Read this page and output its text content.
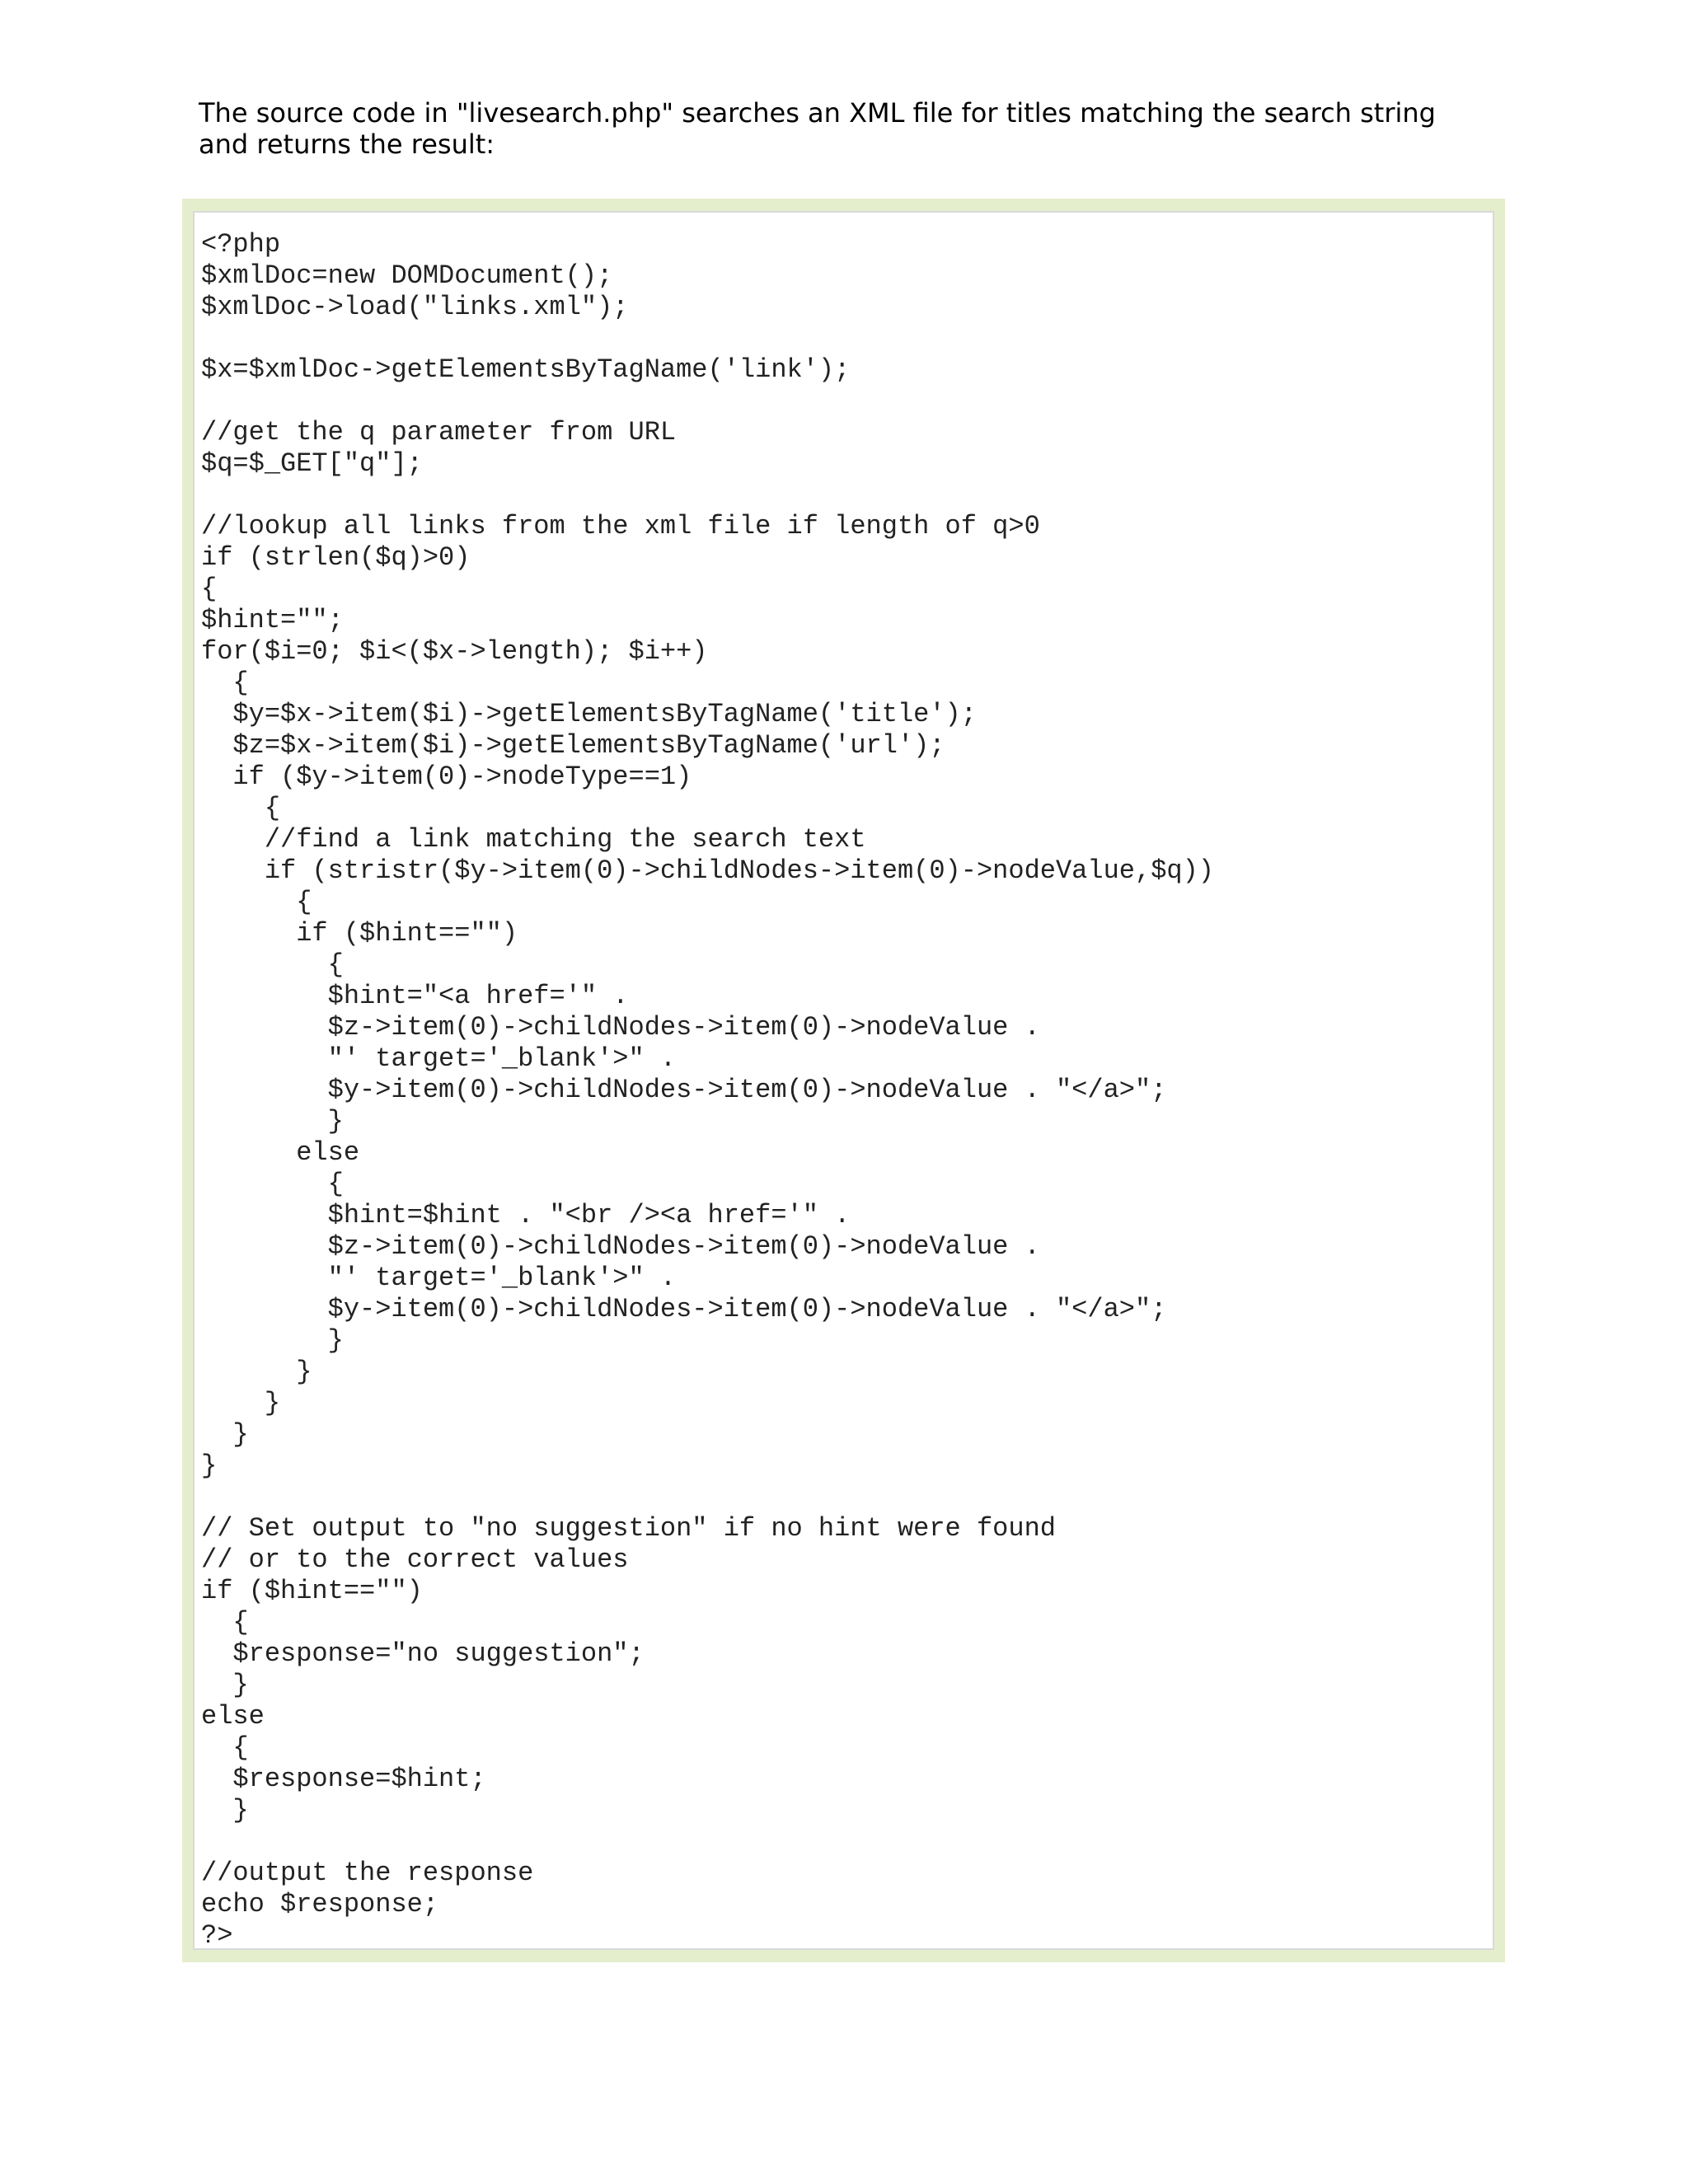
The source code in "livesearch.php" searches an XML file for titles matching the search string and returns the result:

<?php
$xmlDoc=new DOMDocument();
$xmlDoc->load("links.xml");
$x=$xmlDoc->getElementsByTagName('link');
//get the q parameter from URL
$q=$_GET["q"];
//lookup all links from the xml file if length of q>0
if (strlen($q)>0)
{
$hint="";
for($i=0; $i<($x->length); $i++)
{
$y=$x->item($i)->getElementsByTagName('title');
$z=$x->item($i)->getElementsByTagName('url');
if ($y->item(0)->nodeType==1)
{
//find a link matching the search text
if (stristr($y->item(0)->childNodes->item(0)->nodeValue,$q))
{
if ($hint=="")
{
$hint="<a href='" .
$z->item(0)->childNodes->item(0)->nodeValue .
"' target='_blank'>" .
$y->item(0)->childNodes->item(0)->nodeValue . "</a>";
}
else
{
$hint=$hint . "<br /><a href='" .
$z->item(0)->childNodes->item(0)->nodeValue .
"' target='_blank'>" .
$y->item(0)->childNodes->item(0)->nodeValue . "</a>";
}
}
}
}
}
// Set output to "no suggestion" if no hint were found
// or to the correct values
if ($hint=="")
{
$response="no suggestion";
}
else
{
$response=$hint;
}
//output the response
echo $response;
?>
